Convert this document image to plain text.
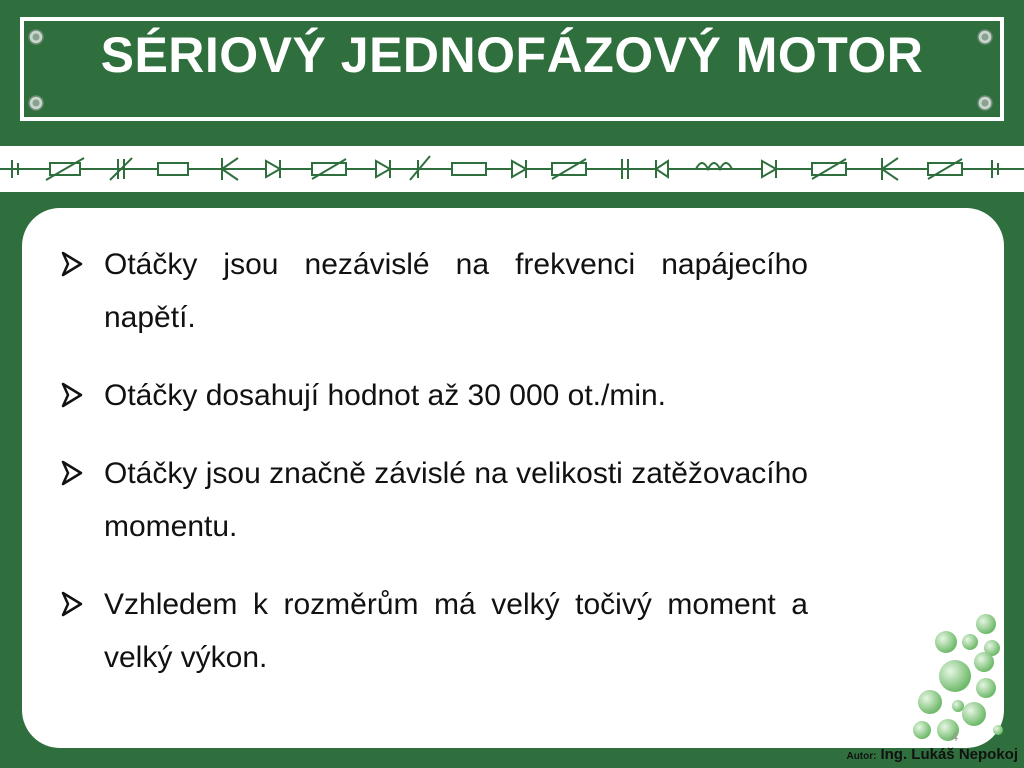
SÉRIOVÝ JEDNOFÁZOVÝ MOTOR
Otáčky jsou nezávislé na frekvenci napájecího napětí.
Otáčky dosahují hodnot až 30 000 ot./min.
Otáčky jsou značně závislé na velikosti zatěžovacího momentu.
Vzhledem k rozměrům má velký točivý moment a velký výkon.
4
Autor: Ing. Lukáš Nepokoj
